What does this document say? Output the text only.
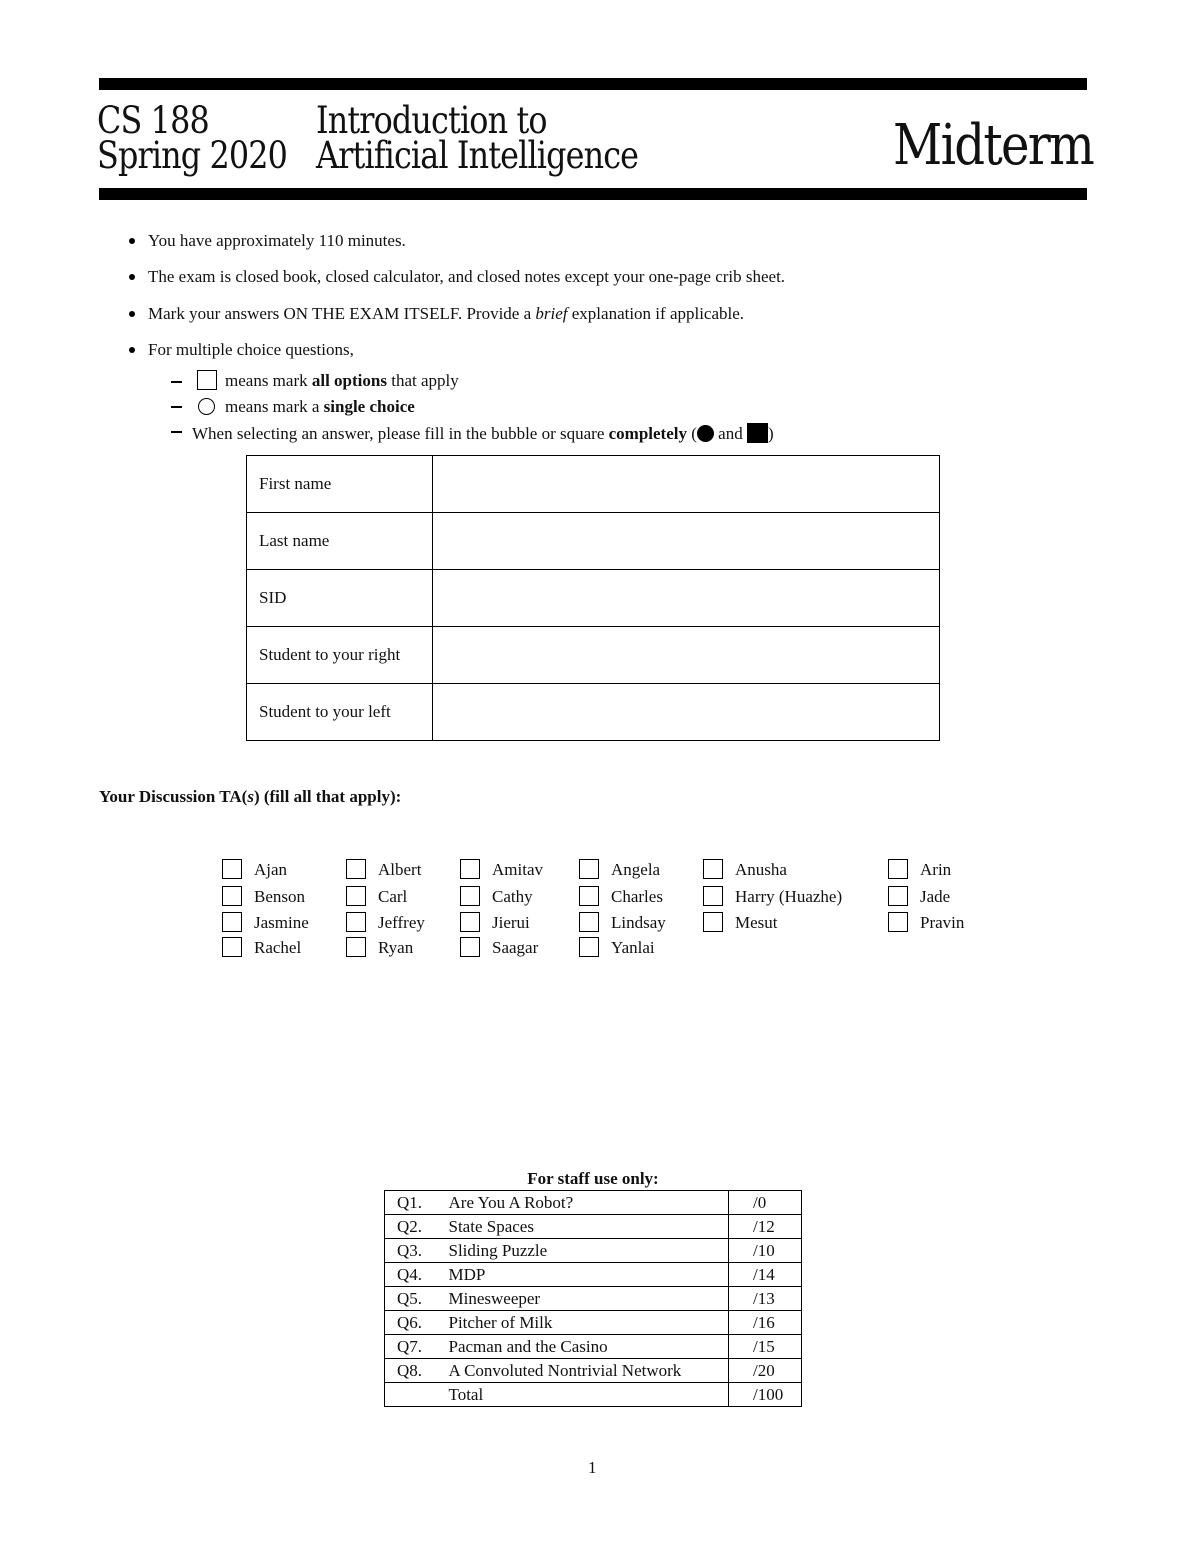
CS 188
Spring 2020
Introduction to
Artificial Intelligence	Midterm
You have approximately 110 minutes.
The exam is closed book, closed calculator, and closed notes except your one-page crib sheet.
Mark your answers ON THE EXAM ITSELF. Provide a brief explanation if applicable.
For multiple choice questions,
means mark all options that apply
means mark a single choice
When selecting an answer, please fill in the bubble or square completely ( and )
First name	
Last name	
SID	
Student to your right	
Student to your left	
Your Discussion TA(s) (fill all that apply):
Ajan	Albert	Amitav	Angela	Anusha	Arin
Benson	Carl	Cathy	Charles	Harry (Huazhe)	Jade
Jasmine	Jeffrey	Jierui	Lindsay	Mesut	Pravin
Rachel	Ryan	Saagar	Yanlai
For staff use only:
Q1.	Are You A Robot?	/0
Q2.	State Spaces	/12
Q3.	Sliding Puzzle	/10
Q4.	MDP	/14
Q5.	Minesweeper	/13
Q6.	Pitcher of Milk	/16
Q7.	Pacman and the Casino	/15
Q8.	A Convoluted Nontrivial Network	/20
	Total	/100
1
